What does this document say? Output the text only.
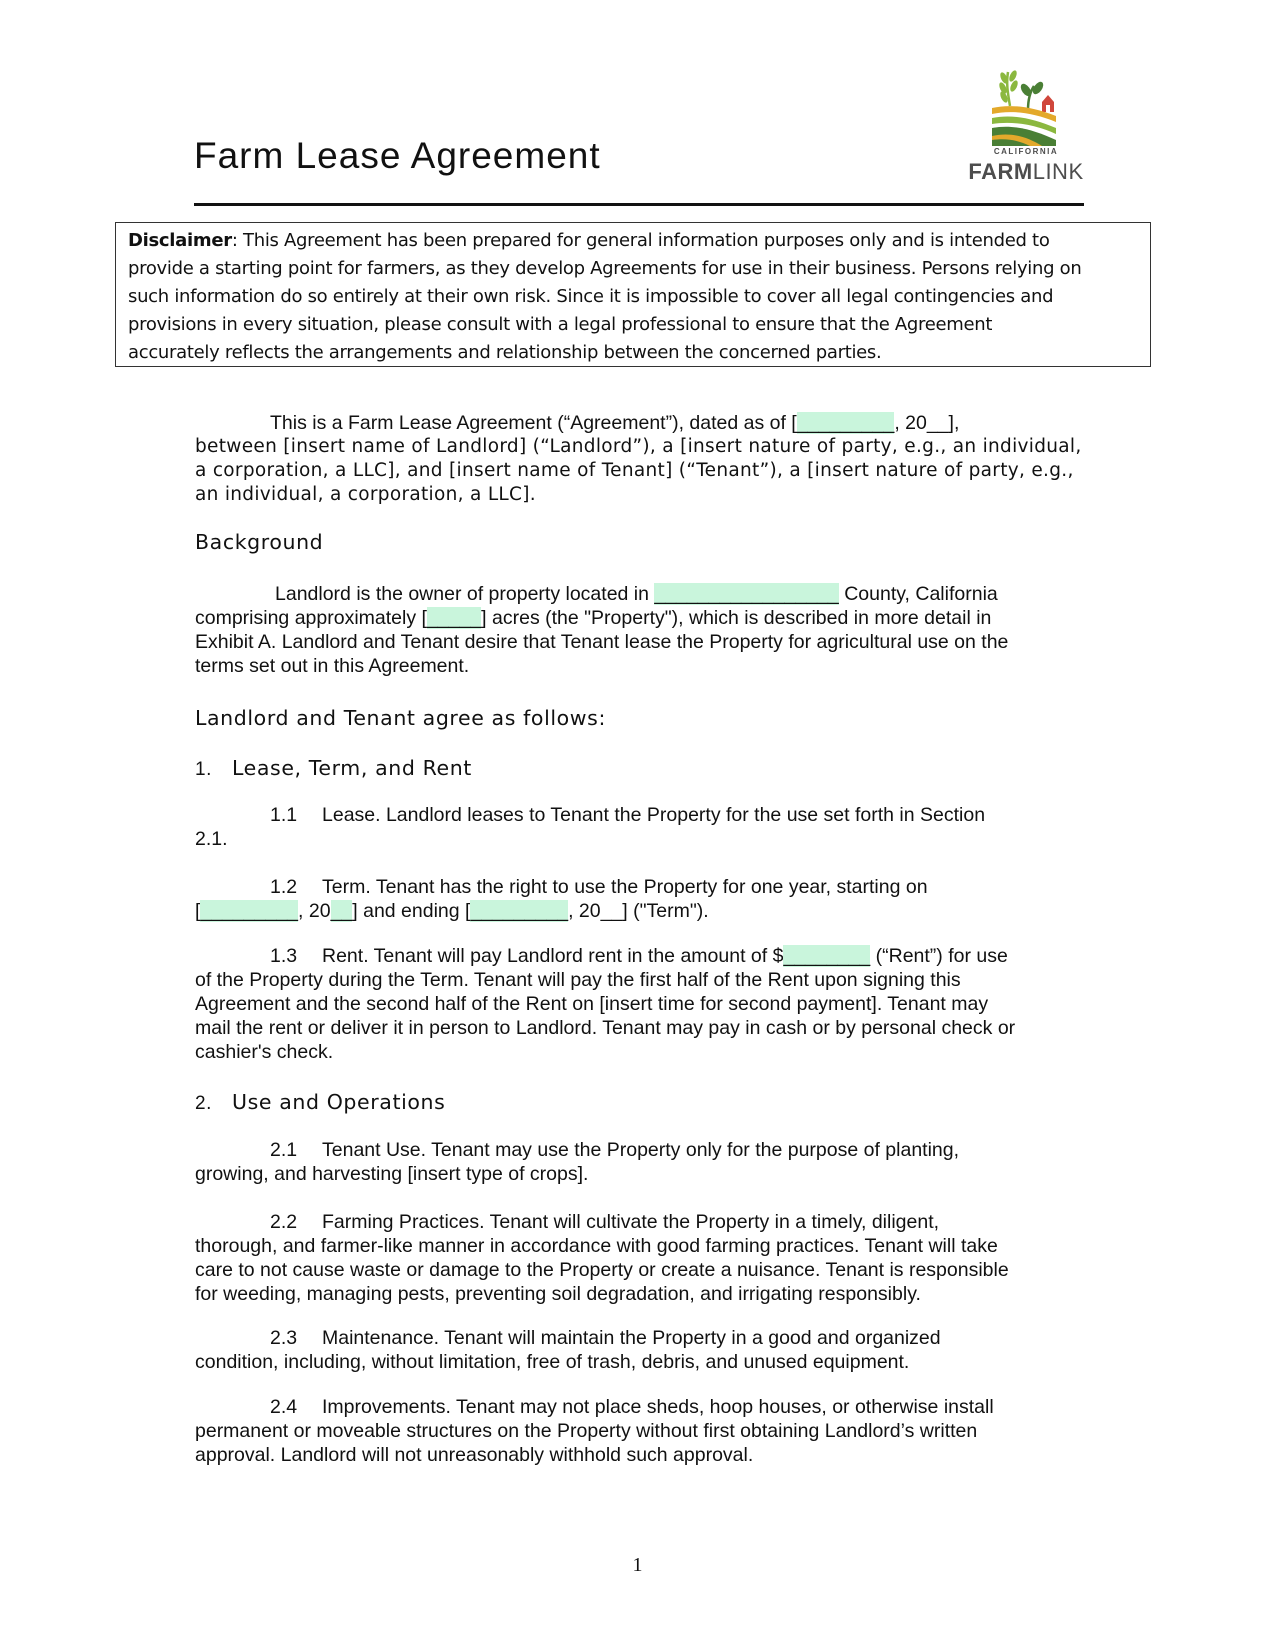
Farm Lease Agreement	CALIFORNIA
FARMLINK
Disclaimer: This Agreement has been prepared for general information purposes only and is intended to
provide a starting point for farmers, as they develop Agreements for use in their business. Persons relying on
such information do so entirely at their own risk. Since it is impossible to cover all legal contingencies and
provisions in every situation, please consult with a legal professional to ensure that the Agreement
accurately reflects the arrangements and relationship between the concerned parties.
This is a Farm Lease Agreement (“Agreement”), dated as of [_________, 20__],
between [insert name of Landlord] (“Landlord”), a [insert nature of party, e.g., an individual,
a corporation, a LLC], and [insert name of Tenant] (“Tenant”), a [insert nature of party, e.g.,
an individual, a corporation, a LLC].
Background
Landlord is the owner of property located in _________________ County, California
comprising approximately [_____] acres (the "Property"), which is described in more detail in
Exhibit A. Landlord and Tenant desire that Tenant lease the Property for agricultural use on the
terms set out in this Agreement.
Landlord and Tenant agree as follows:
1. Lease, Term, and Rent
1.1 Lease. Landlord leases to Tenant the Property for the use set forth in Section
2.1.
1.2 Term. Tenant has the right to use the Property for one year, starting on
[_________, 20__] and ending [_________, 20__] ("Term").
1.3 Rent. Tenant will pay Landlord rent in the amount of $________ (“Rent”) for use
of the Property during the Term. Tenant will pay the first half of the Rent upon signing this
Agreement and the second half of the Rent on [insert time for second payment]. Tenant may
mail the rent or deliver it in person to Landlord. Tenant may pay in cash or by personal check or
cashier's check.
2. Use and Operations
2.1 Tenant Use. Tenant may use the Property only for the purpose of planting,
growing, and harvesting [insert type of crops].
2.2 Farming Practices. Tenant will cultivate the Property in a timely, diligent,
thorough, and farmer-like manner in accordance with good farming practices. Tenant will take
care to not cause waste or damage to the Property or create a nuisance. Tenant is responsible
for weeding, managing pests, preventing soil degradation, and irrigating responsibly.
2.3 Maintenance. Tenant will maintain the Property in a good and organized
condition, including, without limitation, free of trash, debris, and unused equipment.
2.4 Improvements. Tenant may not place sheds, hoop houses, or otherwise install
permanent or moveable structures on the Property without first obtaining Landlord’s written
approval. Landlord will not unreasonably withhold such approval.
1
